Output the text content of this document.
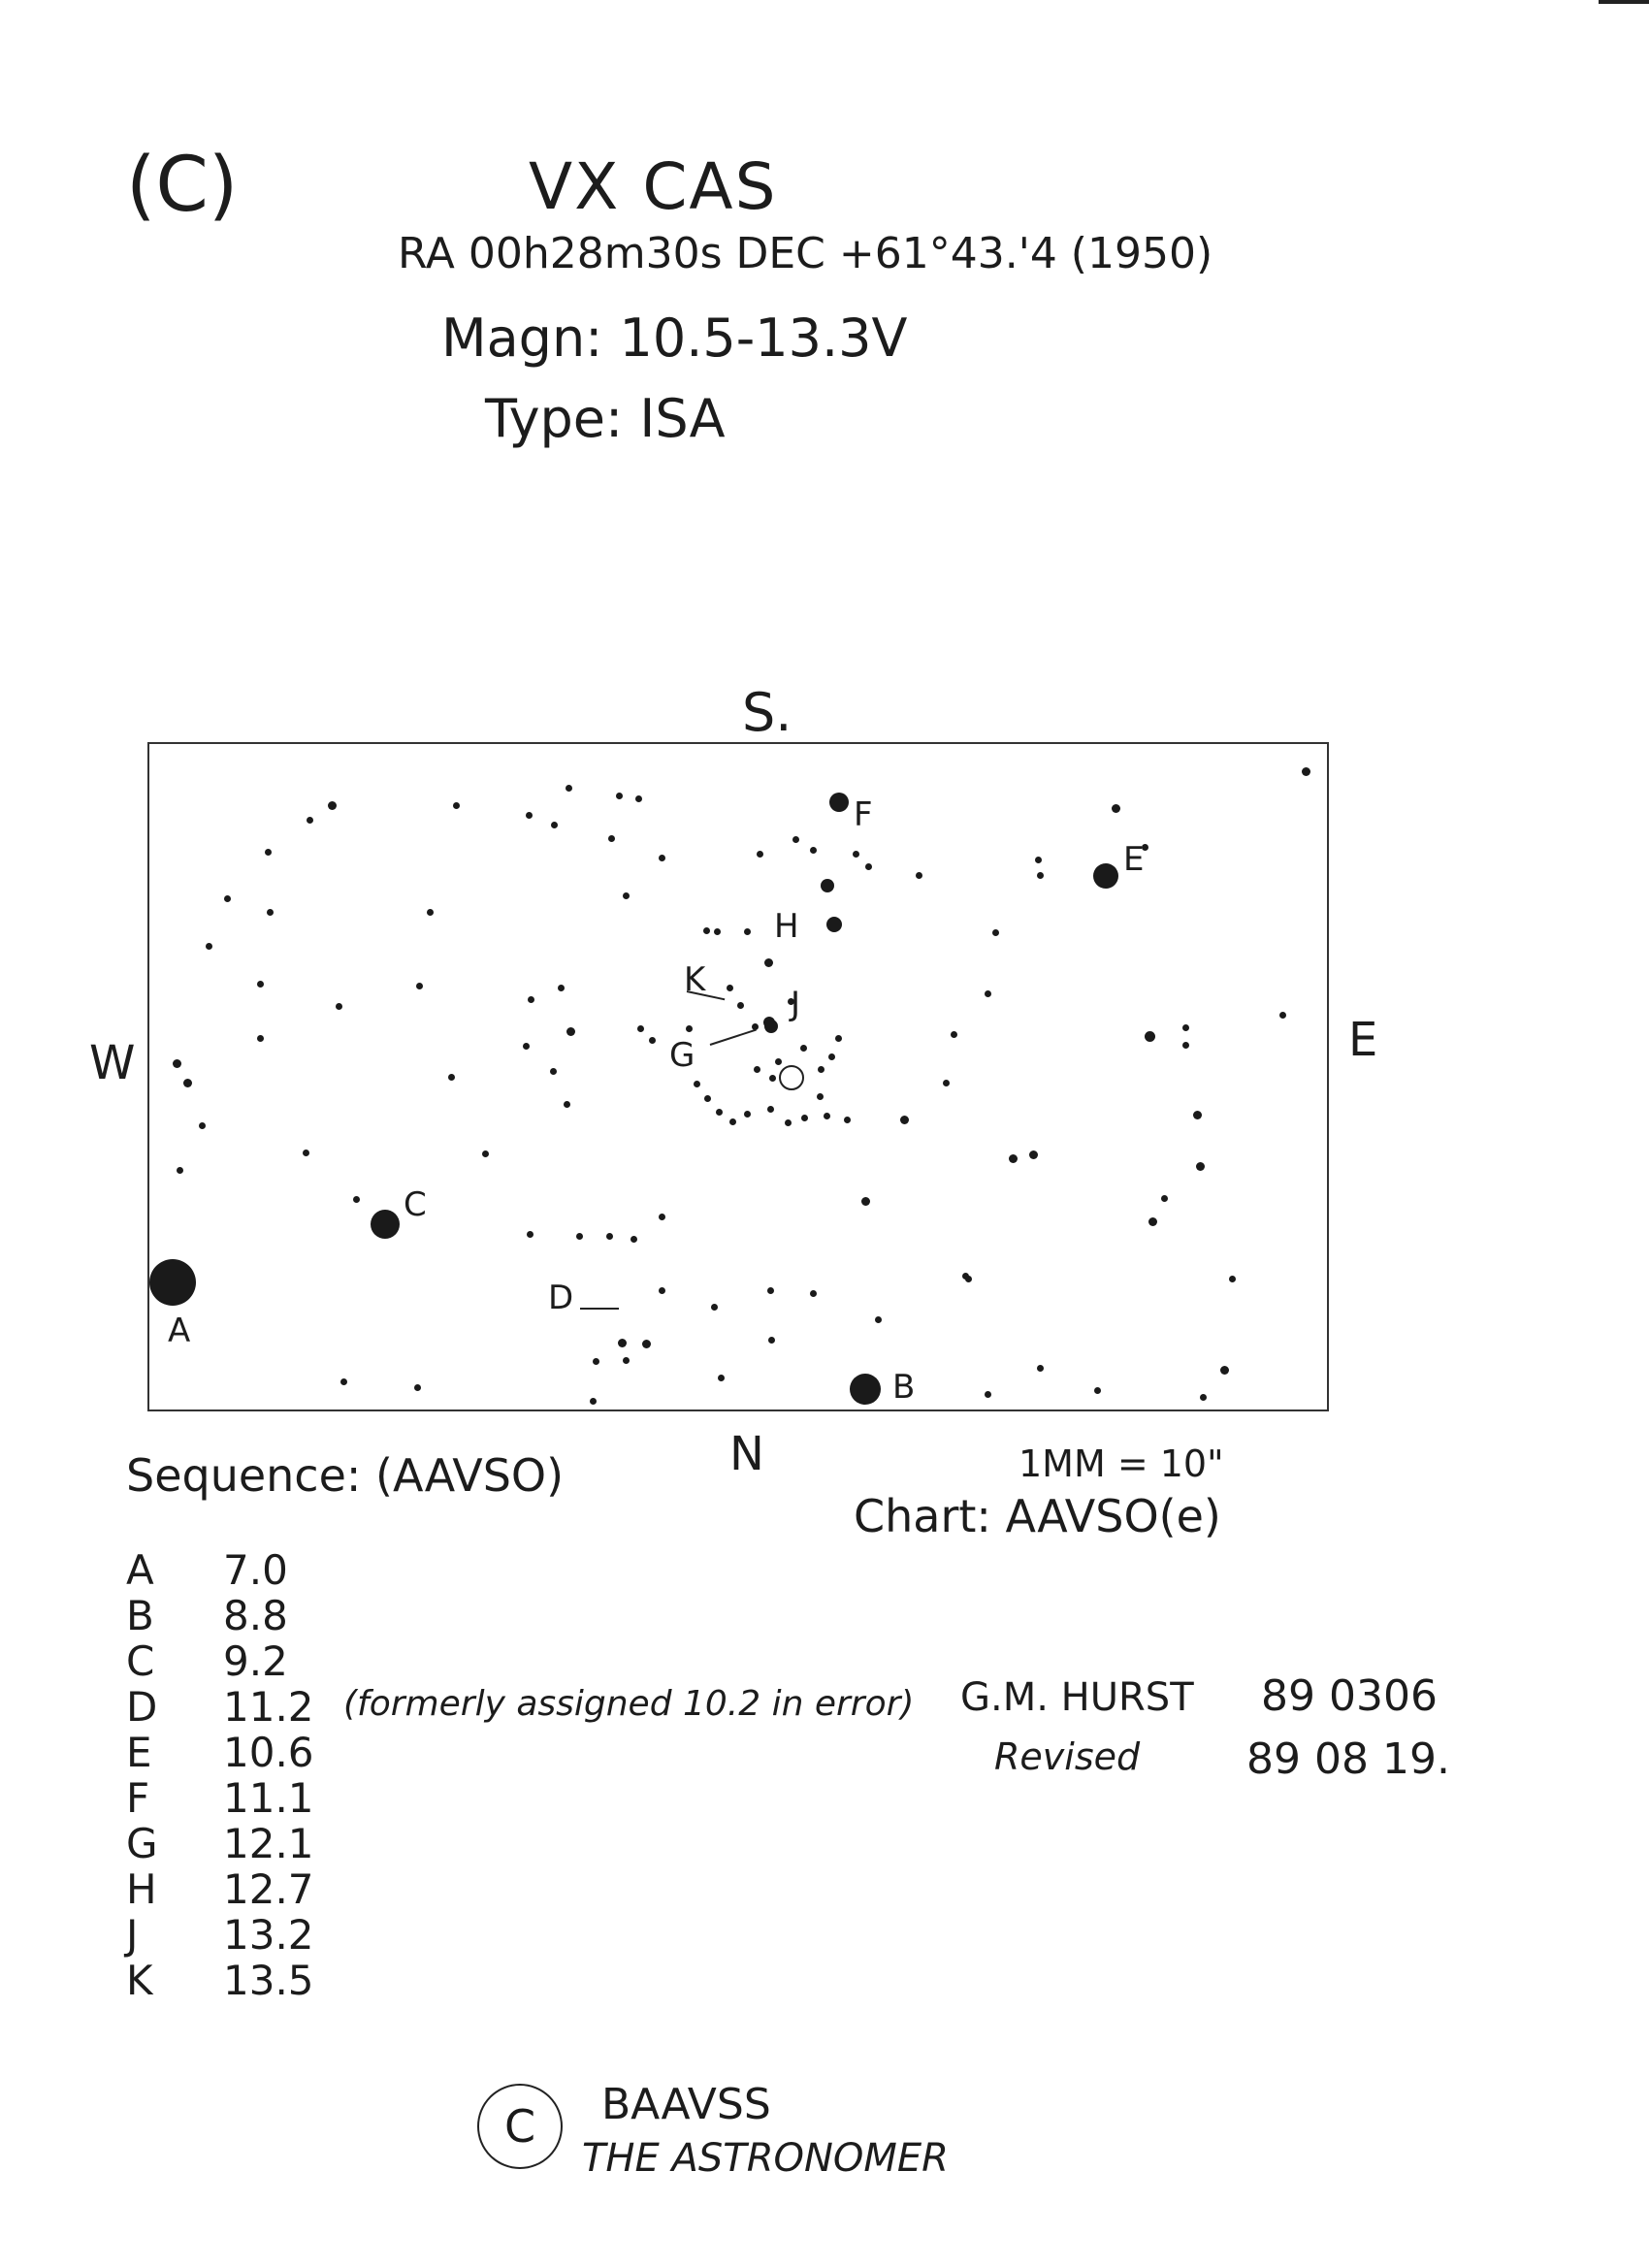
(C)	VX CAS
RA 00h28m30s DEC +61°43.'4 (1950)
Magn: 10.5-13.3V
Type: ISA
S.
N
W	E
A
B
C
D
E
F
G
H
J
K
Sequence: (AAVSO)
A	7.0
B	8.8
C	9.2
D	11.2 (formerly assigned 10.2 in error)
E	10.6
F	11.1
G	12.1
H	12.7
J	13.2
K	13.5
1MM = 10"
Chart: AAVSO(e)
G.M. HURST 89 0306
Revised 89 08 19.
C BAAVSS
THE ASTRONOMER
